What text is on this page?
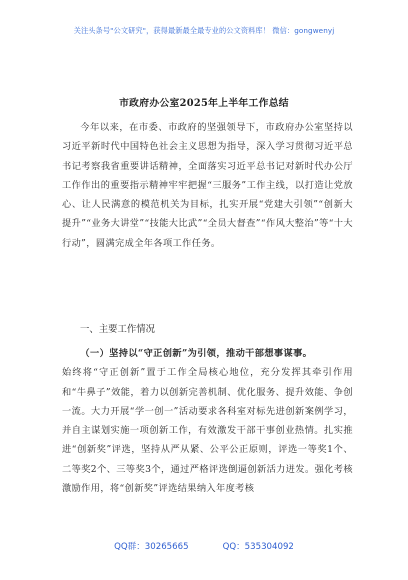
关注头条号"公文研究"，获得最新最全最专业的公文资料库！ 微信：gongwenyj
市政府办公室2025年上半年工作总结

今年以来，在市委、市政府的坚强领导下，市政府办公室坚持以习近平新时代中国特色社会主义思想为指导，深入学习贯彻习近平总书记考察我省重要讲话精神，全面落实习近平总书记对新时代办公厅工作作出的重要指示精神牢牢把握“三服务”工作主线，以打造让党放心、让人民满意的模范机关为目标，扎实开展“党建大引领”“创新大提升”“业务大讲堂”“技能大比武”“全员大督查”“作风大整治”等“十大行动”，圆满完成全年各项工作任务。

一、主要工作情况

（一）坚持以“守正创新”为引领，推动干部想事谋事。

始终将“守正创新”置于工作全局核心地位，充分发挥其牵引作用和“牛鼻子”效能，着力以创新完善机制、优化服务、提升效能、争创一流。大力开展“学一创一”活动要求各科室对标先进创新案例学习，并自主谋划实施一项创新工作，有效激发干部干事创业热情。扎实推进“创新奖”评选，坚持从严从紧、公平公正原则，评选一等奖1个、二等奖2个、三等奖3个，通过严格评选倒逼创新活力迸发。强化考核激励作用，将“创新奖”评选结果纳入年度考核

QQ群：30265665	QQ：535304092
